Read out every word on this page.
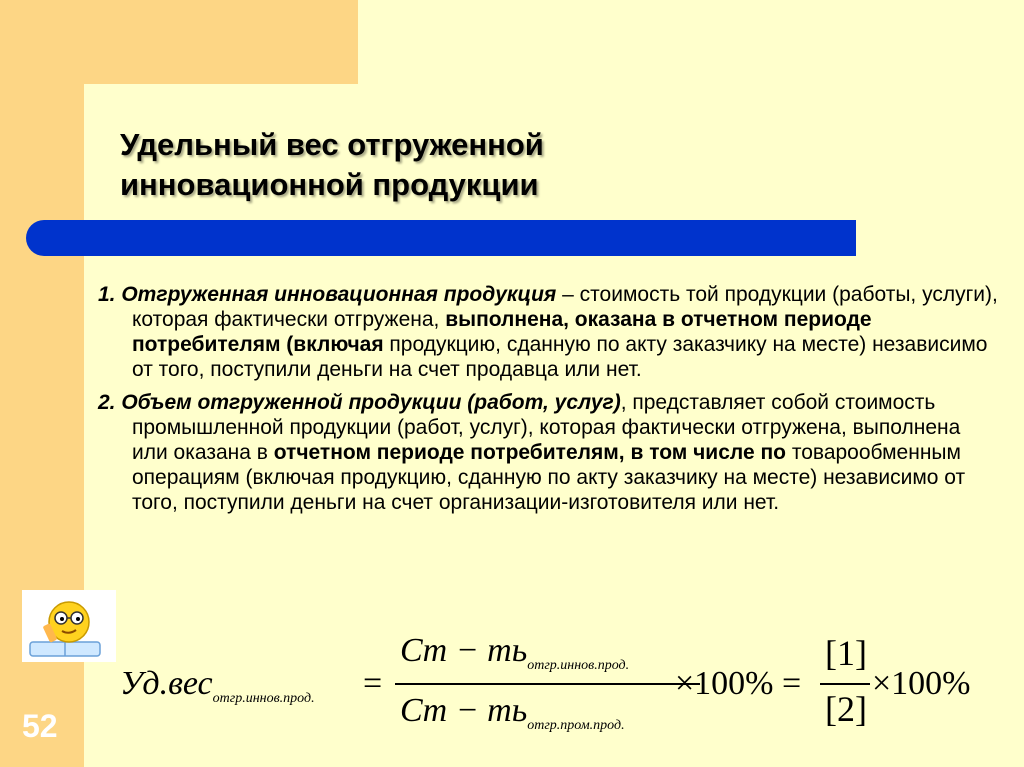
Удельный вес отгруженной
инновационной продукции

1. Отгруженная инновационная продукция – стоимость той продукции (работы, услуги), которая фактически отгружена, выполнена, оказана в отчетном периоде потребителям (включая продукцию, сданную по акту заказчику на месте) независимо от того, поступили деньги на счет продавца или нет.

2. Объем отгруженной продукции (работ, услуг), представляет собой стоимость промышленной продукции (работ, услуг), которая фактически отгружена, выполнена или оказана в отчетном периоде потребителям, в том числе по товарообменным операциям (включая продукцию, сданную по акту заказчику на месте) независимо от того, поступили деньги на счет организации-изготовителя или нет.

52
Уд.вес$_{отгр.иннов.прод.}$ =
Cт − $ть_{отгр.иннов.прод.}$
Cт − $ть_{отгр.пром.прод.}$
×100% =
[1]
[2]
×100%
